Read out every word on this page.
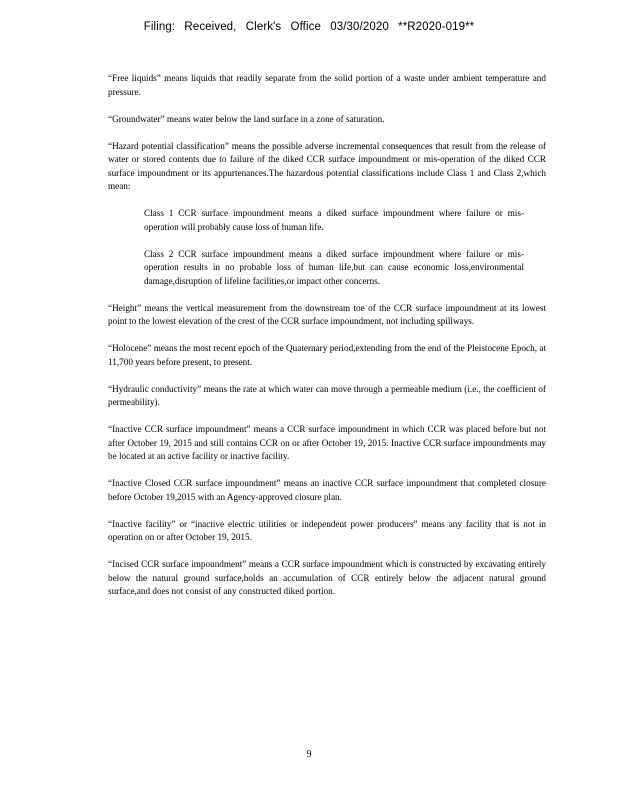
Filing: Received, Clerk's Office 03/30/2020 **R2020-019**

“Free liquids” means liquids that readily separate from the solid portion of a waste under ambient temperature and pressure.

“Groundwater” means water below the land surface in a zone of saturation.

“Hazard potential classification” means the possible adverse incremental consequences that result from the release of water or stored contents due to failure of the diked CCR surface impoundment or mis-operation of the diked CCR surface impoundment or its appurtenances.The hazardous potential classifications include Class 1 and Class 2,which mean:

Class 1 CCR surface impoundment means a diked surface impoundment where failure or mis-operation will probably cause loss of human life.

Class 2 CCR surface impoundment means a diked surface impoundment where failure or mis-operation results in no probable loss of human life,but can cause economic loss,environmental damage,disruption of lifeline facilities,or impact other concerns.

“Height” means the vertical measurement from the downstream toe of the CCR surface impoundment at its lowest point to the lowest elevation of the crest of the CCR surface impoundment, not including spillways.

“Holocene” means the most recent epoch of the Quaternary period,extending from the end of the Pleistocene Epoch, at 11,700 years before present, to present.

“Hydraulic conductivity” means the rate at which water can move through a permeable medium (i.e., the coefficient of permeability).

“Inactive CCR surface impoundment” means a CCR surface impoundment in which CCR was placed before but not after October 19, 2015 and still contains CCR on or after October 19, 2015. Inactive CCR surface impoundments may be located at an active facility or inactive facility.

“Inactive Closed CCR surface impoundment” means an inactive CCR surface impoundment that completed closure before October 19,2015 with an Agency-approved closure plan.

“Inactive facility” or “inactive electric utilities or independent power producers” means any facility that is not in operation on or after October 19, 2015.

“Incised CCR surface impoundment” means a CCR surface impoundment which is constructed by excavating entirely below the natural ground surface,holds an accumulation of CCR entirely below the adjacent natural ground surface,and does not consist of any constructed diked portion.

9
